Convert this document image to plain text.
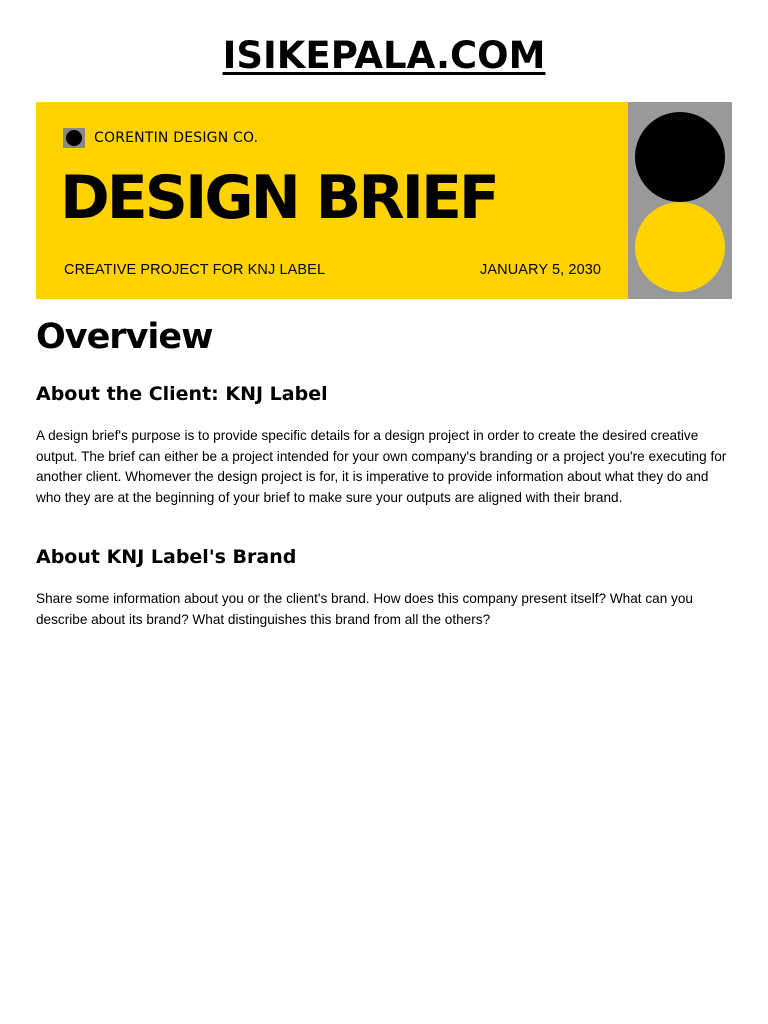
ISIKEPALA.COM
CORENTIN DESIGN CO.
DESIGN BRIEF
CREATIVE PROJECT FOR KNJ LABEL	JANUARY 5, 2030
Overview
About the Client: KNJ Label

A design brief's purpose is to provide specific details for a design project in order to create the desired creative output. The brief can either be a project intended for your own company's branding or a project you're executing for another client. Whomever the design project is for, it is imperative to provide information about what they do and who they are at the beginning of your brief to make sure your outputs are aligned with their brand.

About KNJ Label's Brand

Share some information about you or the client's brand. How does this company present itself? What can you describe about its brand? What distinguishes this brand from all the others?
